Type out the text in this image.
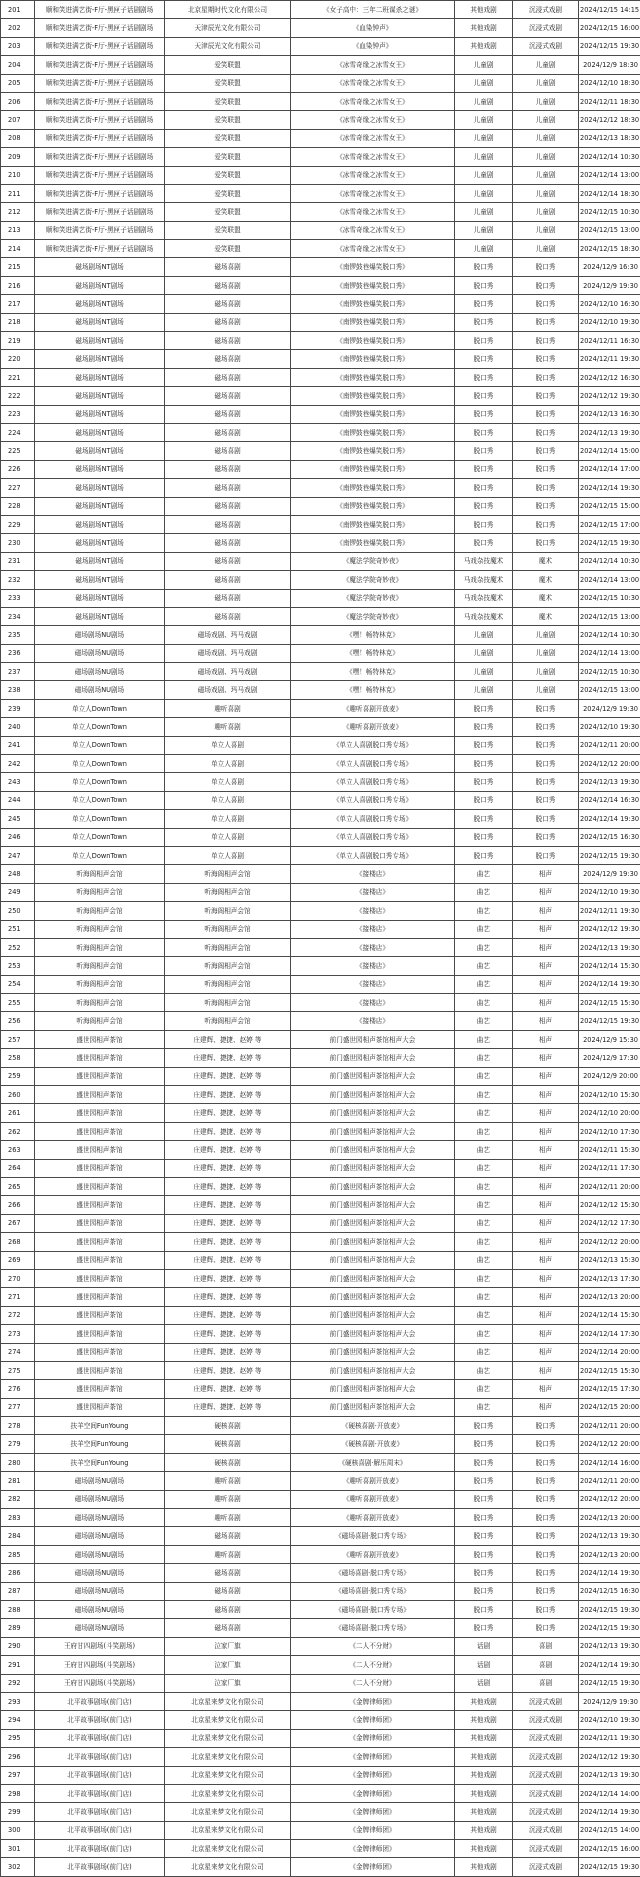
201	顺和笑进满艺街-F厅-黑匣子话剧剧场	北京星期时代文化有限公司	《女子高中：三年二班谋杀之谜》	其他戏剧	沉浸式戏剧	2024/12/15 14:15
202	顺和笑进满艺街-F厅-黑匣子话剧剧场	天津辰光文化有限公司	《血染钟声》	其他戏剧	沉浸式戏剧	2024/12/15 16:00
203	顺和笑进满艺街-F厅-黑匣子话剧剧场	天津辰光文化有限公司	《血染钟声》	其他戏剧	沉浸式戏剧	2024/12/15 19:30
204	顺和笑进满艺街-F厅-黑匣子话剧剧场	爱笑联盟	《冰雪奇缘之冰雪女王》	儿童剧	儿童剧	2024/12/9 18:30
205	顺和笑进满艺街-F厅-黑匣子话剧剧场	爱笑联盟	《冰雪奇缘之冰雪女王》	儿童剧	儿童剧	2024/12/10 18:30
206	顺和笑进满艺街-F厅-黑匣子话剧剧场	爱笑联盟	《冰雪奇缘之冰雪女王》	儿童剧	儿童剧	2024/12/11 18:30
207	顺和笑进满艺街-F厅-黑匣子话剧剧场	爱笑联盟	《冰雪奇缘之冰雪女王》	儿童剧	儿童剧	2024/12/12 18:30
208	顺和笑进满艺街-F厅-黑匣子话剧剧场	爱笑联盟	《冰雪奇缘之冰雪女王》	儿童剧	儿童剧	2024/12/13 18:30
209	顺和笑进满艺街-F厅-黑匣子话剧剧场	爱笑联盟	《冰雪奇缘之冰雪女王》	儿童剧	儿童剧	2024/12/14 10:30
210	顺和笑进满艺街-F厅-黑匣子话剧剧场	爱笑联盟	《冰雪奇缘之冰雪女王》	儿童剧	儿童剧	2024/12/14 13:00
211	顺和笑进满艺街-F厅-黑匣子话剧剧场	爱笑联盟	《冰雪奇缘之冰雪女王》	儿童剧	儿童剧	2024/12/14 18:30
212	顺和笑进满艺街-F厅-黑匣子话剧剧场	爱笑联盟	《冰雪奇缘之冰雪女王》	儿童剧	儿童剧	2024/12/15 10:30
213	顺和笑进满艺街-F厅-黑匣子话剧剧场	爱笑联盟	《冰雪奇缘之冰雪女王》	儿童剧	儿童剧	2024/12/15 13:00
214	顺和笑进满艺街-F厅-黑匣子话剧剧场	爱笑联盟	《冰雪奇缘之冰雪女王》	儿童剧	儿童剧	2024/12/15 18:30
215	磁场剧场NT剧场	磁场喜剧	《南锣鼓巷爆笑脱口秀》	脱口秀	脱口秀	2024/12/9 16:30
216	磁场剧场NT剧场	磁场喜剧	《南锣鼓巷爆笑脱口秀》	脱口秀	脱口秀	2024/12/9 19:30
217	磁场剧场NT剧场	磁场喜剧	《南锣鼓巷爆笑脱口秀》	脱口秀	脱口秀	2024/12/10 16:30
218	磁场剧场NT剧场	磁场喜剧	《南锣鼓巷爆笑脱口秀》	脱口秀	脱口秀	2024/12/10 19:30
219	磁场剧场NT剧场	磁场喜剧	《南锣鼓巷爆笑脱口秀》	脱口秀	脱口秀	2024/12/11 16:30
220	磁场剧场NT剧场	磁场喜剧	《南锣鼓巷爆笑脱口秀》	脱口秀	脱口秀	2024/12/11 19:30
221	磁场剧场NT剧场	磁场喜剧	《南锣鼓巷爆笑脱口秀》	脱口秀	脱口秀	2024/12/12 16:30
222	磁场剧场NT剧场	磁场喜剧	《南锣鼓巷爆笑脱口秀》	脱口秀	脱口秀	2024/12/12 19:30
223	磁场剧场NT剧场	磁场喜剧	《南锣鼓巷爆笑脱口秀》	脱口秀	脱口秀	2024/12/13 16:30
224	磁场剧场NT剧场	磁场喜剧	《南锣鼓巷爆笑脱口秀》	脱口秀	脱口秀	2024/12/13 19:30
225	磁场剧场NT剧场	磁场喜剧	《南锣鼓巷爆笑脱口秀》	脱口秀	脱口秀	2024/12/14 15:00
226	磁场剧场NT剧场	磁场喜剧	《南锣鼓巷爆笑脱口秀》	脱口秀	脱口秀	2024/12/14 17:00
227	磁场剧场NT剧场	磁场喜剧	《南锣鼓巷爆笑脱口秀》	脱口秀	脱口秀	2024/12/14 19:30
228	磁场剧场NT剧场	磁场喜剧	《南锣鼓巷爆笑脱口秀》	脱口秀	脱口秀	2024/12/15 15:00
229	磁场剧场NT剧场	磁场喜剧	《南锣鼓巷爆笑脱口秀》	脱口秀	脱口秀	2024/12/15 17:00
230	磁场剧场NT剧场	磁场喜剧	《南锣鼓巷爆笑脱口秀》	脱口秀	脱口秀	2024/12/15 19:30
231	磁场剧场NT剧场	磁场喜剧	《魔法学院奇妙夜》	马戏杂技魔术	魔术	2024/12/14 10:30
232	磁场剧场NT剧场	磁场喜剧	《魔法学院奇妙夜》	马戏杂技魔术	魔术	2024/12/14 13:00
233	磁场剧场NT剧场	磁场喜剧	《魔法学院奇妙夜》	马戏杂技魔术	魔术	2024/12/15 10:30
234	磁场剧场NT剧场	磁场喜剧	《魔法学院奇妙夜》	马戏杂技魔术	魔术	2024/12/15 13:00
235	磁场剧场NU剧场	磁场戏剧、玛马戏剧	《嘿！畅特林克》	儿童剧	儿童剧	2024/12/14 10:30
236	磁场剧场NU剧场	磁场戏剧、玛马戏剧	《嘿！畅特林克》	儿童剧	儿童剧	2024/12/14 13:00
237	磁场剧场NU剧场	磁场戏剧、玛马戏剧	《嘿！畅特林克》	儿童剧	儿童剧	2024/12/15 10:30
238	磁场剧场NU剧场	磁场戏剧、玛马戏剧	《嘿！畅特林克》	儿童剧	儿童剧	2024/12/15 13:00
239	单立人DownTown	趣听喜剧	《趣听喜剧开放麦》	脱口秀	脱口秀	2024/12/9 19:30
240	单立人DownTown	趣听喜剧	《趣听喜剧开放麦》	脱口秀	脱口秀	2024/12/10 19:30
241	单立人DownTown	单立人喜剧	《单立人喜剧脱口秀专场》	脱口秀	脱口秀	2024/12/11 20:00
242	单立人DownTown	单立人喜剧	《单立人喜剧脱口秀专场》	脱口秀	脱口秀	2024/12/12 20:00
243	单立人DownTown	单立人喜剧	《单立人喜剧脱口秀专场》	脱口秀	脱口秀	2024/12/13 19:30
244	单立人DownTown	单立人喜剧	《单立人喜剧脱口秀专场》	脱口秀	脱口秀	2024/12/14 16:30
245	单立人DownTown	单立人喜剧	《单立人喜剧脱口秀专场》	脱口秀	脱口秀	2024/12/14 19:30
246	单立人DownTown	单立人喜剧	《单立人喜剧脱口秀专场》	脱口秀	脱口秀	2024/12/15 16:30
247	单立人DownTown	单立人喜剧	《单立人喜剧脱口秀专场》	脱口秀	脱口秀	2024/12/15 19:30
248	听海阁相声会馆	听海阁相声会馆	《接楼店》	曲艺	相声	2024/12/9 19:30
249	听海阁相声会馆	听海阁相声会馆	《接楼店》	曲艺	相声	2024/12/10 19:30
250	听海阁相声会馆	听海阁相声会馆	《接楼店》	曲艺	相声	2024/12/11 19:30
251	听海阁相声会馆	听海阁相声会馆	《接楼店》	曲艺	相声	2024/12/12 19:30
252	听海阁相声会馆	听海阁相声会馆	《接楼店》	曲艺	相声	2024/12/13 19:30
253	听海阁相声会馆	听海阁相声会馆	《接楼店》	曲艺	相声	2024/12/14 15:30
254	听海阁相声会馆	听海阁相声会馆	《接楼店》	曲艺	相声	2024/12/14 19:30
255	听海阁相声会馆	听海阁相声会馆	《接楼店》	曲艺	相声	2024/12/15 15:30
256	听海阁相声会馆	听海阁相声会馆	《接楼店》	曲艺	相声	2024/12/15 19:30
257	盛世园相声茶馆	庄建辉、捷捷、赵婷 等	前门盛世园相声茶馆相声大会	曲艺	相声	2024/12/9 15:30
258	盛世园相声茶馆	庄建辉、捷捷、赵婷 等	前门盛世园相声茶馆相声大会	曲艺	相声	2024/12/9 17:30
259	盛世园相声茶馆	庄建辉、捷捷、赵婷 等	前门盛世园相声茶馆相声大会	曲艺	相声	2024/12/9 20:00
260	盛世园相声茶馆	庄建辉、捷捷、赵婷 等	前门盛世园相声茶馆相声大会	曲艺	相声	2024/12/10 15:30
261	盛世园相声茶馆	庄建辉、捷捷、赵婷 等	前门盛世园相声茶馆相声大会	曲艺	相声	2024/12/10 20:00
262	盛世园相声茶馆	庄建辉、捷捷、赵婷 等	前门盛世园相声茶馆相声大会	曲艺	相声	2024/12/10 17:30
263	盛世园相声茶馆	庄建辉、捷捷、赵婷 等	前门盛世园相声茶馆相声大会	曲艺	相声	2024/12/11 15:30
264	盛世园相声茶馆	庄建辉、捷捷、赵婷 等	前门盛世园相声茶馆相声大会	曲艺	相声	2024/12/11 17:30
265	盛世园相声茶馆	庄建辉、捷捷、赵婷 等	前门盛世园相声茶馆相声大会	曲艺	相声	2024/12/11 20:00
266	盛世园相声茶馆	庄建辉、捷捷、赵婷 等	前门盛世园相声茶馆相声大会	曲艺	相声	2024/12/12 15:30
267	盛世园相声茶馆	庄建辉、捷捷、赵婷 等	前门盛世园相声茶馆相声大会	曲艺	相声	2024/12/12 17:30
268	盛世园相声茶馆	庄建辉、捷捷、赵婷 等	前门盛世园相声茶馆相声大会	曲艺	相声	2024/12/12 20:00
269	盛世园相声茶馆	庄建辉、捷捷、赵婷 等	前门盛世园相声茶馆相声大会	曲艺	相声	2024/12/13 15:30
270	盛世园相声茶馆	庄建辉、捷捷、赵婷 等	前门盛世园相声茶馆相声大会	曲艺	相声	2024/12/13 17:30
271	盛世园相声茶馆	庄建辉、捷捷、赵婷 等	前门盛世园相声茶馆相声大会	曲艺	相声	2024/12/13 20:00
272	盛世园相声茶馆	庄建辉、捷捷、赵婷 等	前门盛世园相声茶馆相声大会	曲艺	相声	2024/12/14 15:30
273	盛世园相声茶馆	庄建辉、捷捷、赵婷 等	前门盛世园相声茶馆相声大会	曲艺	相声	2024/12/14 17:30
274	盛世园相声茶馆	庄建辉、捷捷、赵婷 等	前门盛世园相声茶馆相声大会	曲艺	相声	2024/12/14 20:00
275	盛世园相声茶馆	庄建辉、捷捷、赵婷 等	前门盛世园相声茶馆相声大会	曲艺	相声	2024/12/15 15:30
276	盛世园相声茶馆	庄建辉、捷捷、赵婷 等	前门盛世园相声茶馆相声大会	曲艺	相声	2024/12/15 17:30
277	盛世园相声茶馆	庄建辉、捷捷、赵婷 等	前门盛世园相声茶馆相声大会	曲艺	相声	2024/12/15 20:00
278	扶羊空间FunYoung	硬核喜剧	《硬核喜剧·开放麦》	脱口秀	脱口秀	2024/12/11 20:00
279	扶羊空间FunYoung	硬核喜剧	《硬核喜剧·开放麦》	脱口秀	脱口秀	2024/12/12 20:00
280	扶羊空间FunYoung	硬核喜剧	《硬核喜剧·解压周末》	脱口秀	脱口秀	2024/12/14 16:00
281	磁场剧场NU剧场	趣听喜剧	《趣听喜剧开放麦》	脱口秀	脱口秀	2024/12/11 20:00
282	磁场剧场NU剧场	趣听喜剧	《趣听喜剧开放麦》	脱口秀	脱口秀	2024/12/12 20:00
283	磁场剧场NU剧场	趣听喜剧	《趣听喜剧开放麦》	脱口秀	脱口秀	2024/12/13 20:00
284	磁场剧场NU剧场	磁场喜剧	《磁场喜剧·脱口秀专场》	脱口秀	脱口秀	2024/12/13 19:30
285	磁场剧场NU剧场	趣听喜剧	《趣听喜剧开放麦》	脱口秀	脱口秀	2024/12/13 20:00
286	磁场剧场NU剧场	磁场喜剧	《磁场喜剧·脱口秀专场》	脱口秀	脱口秀	2024/12/14 19:30
287	磁场剧场NU剧场	磁场喜剧	《磁场喜剧·脱口秀专场》	脱口秀	脱口秀	2024/12/15 16:30
288	磁场剧场NU剧场	磁场喜剧	《磁场喜剧·脱口秀专场》	脱口秀	脱口秀	2024/12/15 19:30
289	磁场剧场NU剧场	磁场喜剧	《磁场喜剧·脱口秀专场》	脱口秀	脱口秀	2024/12/15 19:30
290	王府甘四剧场(斗笑剧场)	泣家厂旗	《二人不分财》	话剧	喜剧	2024/12/13 19:30
291	王府甘四剧场(斗笑剧场)	泣家厂旗	《二人不分财》	话剧	喜剧	2024/12/14 19:30
292	王府甘四剧场(斗笑剧场)	泣家厂旗	《二人不分财》	话剧	喜剧	2024/12/15 19:30
293	北平故事剧场(前门店)	北京星来梦文化有限公司	《金牌律师团》	其他戏剧	沉浸式戏剧	2024/12/9 19:30
294	北平故事剧场(前门店)	北京星来梦文化有限公司	《金牌律师团》	其他戏剧	沉浸式戏剧	2024/12/10 19:30
295	北平故事剧场(前门店)	北京星来梦文化有限公司	《金牌律师团》	其他戏剧	沉浸式戏剧	2024/12/11 19:30
296	北平故事剧场(前门店)	北京星来梦文化有限公司	《金牌律师团》	其他戏剧	沉浸式戏剧	2024/12/12 19:30
297	北平故事剧场(前门店)	北京星来梦文化有限公司	《金牌律师团》	其他戏剧	沉浸式戏剧	2024/12/13 19:30
298	北平故事剧场(前门店)	北京星来梦文化有限公司	《金牌律师团》	其他戏剧	沉浸式戏剧	2024/12/14 14:00
299	北平故事剧场(前门店)	北京星来梦文化有限公司	《金牌律师团》	其他戏剧	沉浸式戏剧	2024/12/14 19:30
300	北平故事剧场(前门店)	北京星来梦文化有限公司	《金牌律师团》	其他戏剧	沉浸式戏剧	2024/12/15 14:00
301	北平故事剧场(前门店)	北京星来梦文化有限公司	《金牌律师团》	其他戏剧	沉浸式戏剧	2024/12/15 16:00
302	北平故事剧场(前门店)	北京星来梦文化有限公司	《金牌律师团》	其他戏剧	沉浸式戏剧	2024/12/15 19:30
